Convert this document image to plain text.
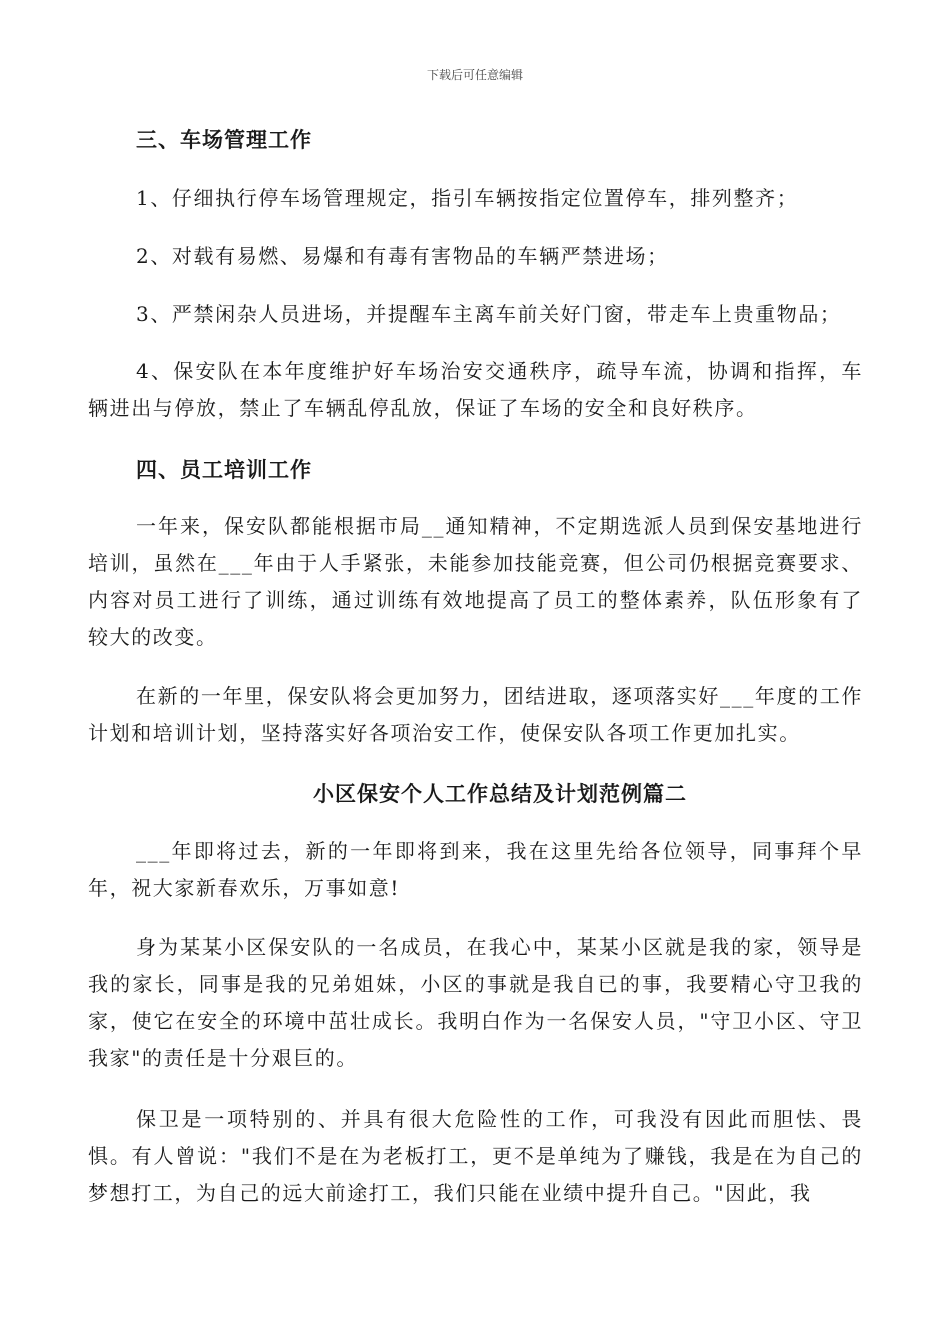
下载后可任意编辑
三、车场管理工作

1、仔细执行停车场管理规定，指引车辆按指定位置停车，排列整齐；

2、对载有易燃、易爆和有毒有害物品的车辆严禁进场；

3、严禁闲杂人员进场，并提醒车主离车前关好门窗，带走车上贵重物品；

4、保安队在本年度维护好车场治安交通秩序，疏导车流，协调和指挥，车辆进出与停放，禁止了车辆乱停乱放，保证了车场的安全和良好秩序。

四、员工培训工作

一年来，保安队都能根据市局__通知精神，不定期选派人员到保安基地进行培训，虽然在___年由于人手紧张，未能参加技能竞赛，但公司仍根据竞赛要求、内容对员工进行了训练，通过训练有效地提高了员工的整体素养，队伍形象有了较大的改变。

在新的一年里，保安队将会更加努力，团结进取，逐项落实好___年度的工作计划和培训计划，坚持落实好各项治安工作，使保安队各项工作更加扎实。

小区保安个人工作总结及计划范例篇二

___年即将过去，新的一年即将到来，我在这里先给各位领导，同事拜个早年，祝大家新春欢乐，万事如意!

身为某某小区保安队的一名成员，在我心中，某某小区就是我的家，领导是我的家长，同事是我的兄弟姐妹，小区的事就是我自已的事，我要精心守卫我的家，使它在安全的环境中茁壮成长。我明白作为一名保安人员，"守卫小区、守卫我家"的责任是十分艰巨的。

保卫是一项特别的、并具有很大危险性的工作，可我没有因此而胆怯、畏惧。有人曾说："我们不是在为老板打工，更不是单纯为了赚钱，我是在为自己的梦想打工，为自己的远大前途打工，我们只能在业绩中提升自己。"因此，我
